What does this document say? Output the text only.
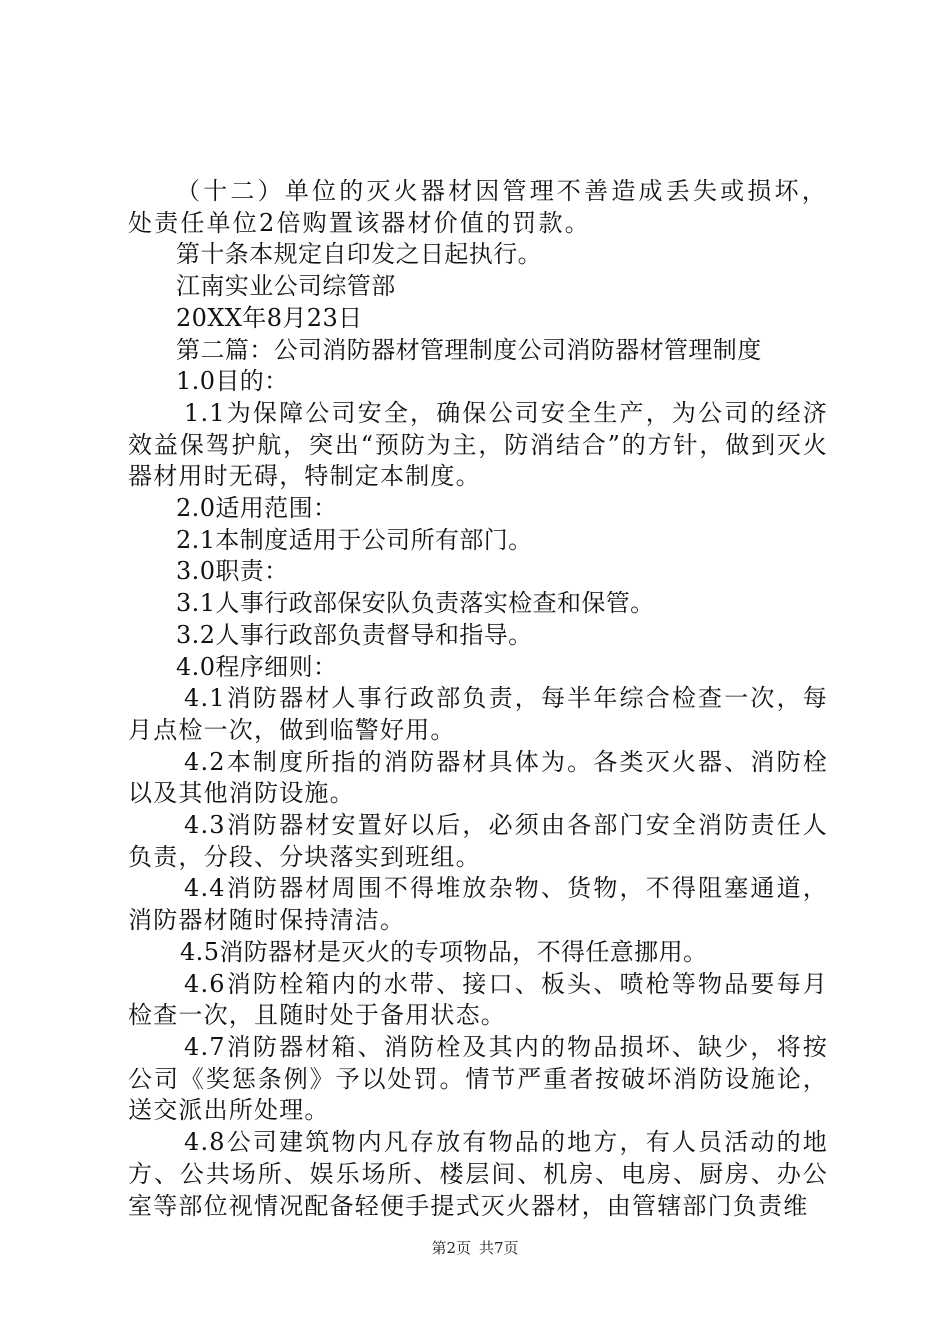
（十二）单位的灭火器材因管理不善造成丢失或损坏，处责任单位2倍购置该器材价值的罚款。

第十条本规定自印发之日起执行。

江南实业公司综管部

20XX年8月23日

第二篇：公司消防器材管理制度公司消防器材管理制度

1.0目的：

1.1为保障公司安全，确保公司安全生产，为公司的经济效益保驾护航，突出“预防为主，防消结合”的方针，做到灭火器材用时无碍，特制定本制度。

2.0适用范围：

2.1本制度适用于公司所有部门。

3.0职责：

3.1人事行政部保安队负责落实检查和保管。

3.2人事行政部负责督导和指导。

4.0程序细则：

4.1消防器材人事行政部负责，每半年综合检查一次，每月点检一次，做到临警好用。

4.2本制度所指的消防器材具体为。各类灭火器、消防栓以及其他消防设施。

4.3消防器材安置好以后，必须由各部门安全消防责任人负责，分段、分块落实到班组。

4.4消防器材周围不得堆放杂物、货物，不得阻塞通道，消防器材随时保持清洁。

4.5消防器材是灭火的专项物品，不得任意挪用。

4.6消防栓箱内的水带、接口、板头、喷枪等物品要每月检查一次，且随时处于备用状态。

4.7消防器材箱、消防栓及其内的物品损坏、缺少，将按公司《奖惩条例》予以处罚。情节严重者按破坏消防设施论，送交派出所处理。

4.8公司建筑物内凡存放有物品的地方，有人员活动的地方、公共场所、娱乐场所、楼层间、机房、电房、厨房、办公室等部位视情况配备轻便手提式灭火器材，由管辖部门负责维

第2页 共7页
